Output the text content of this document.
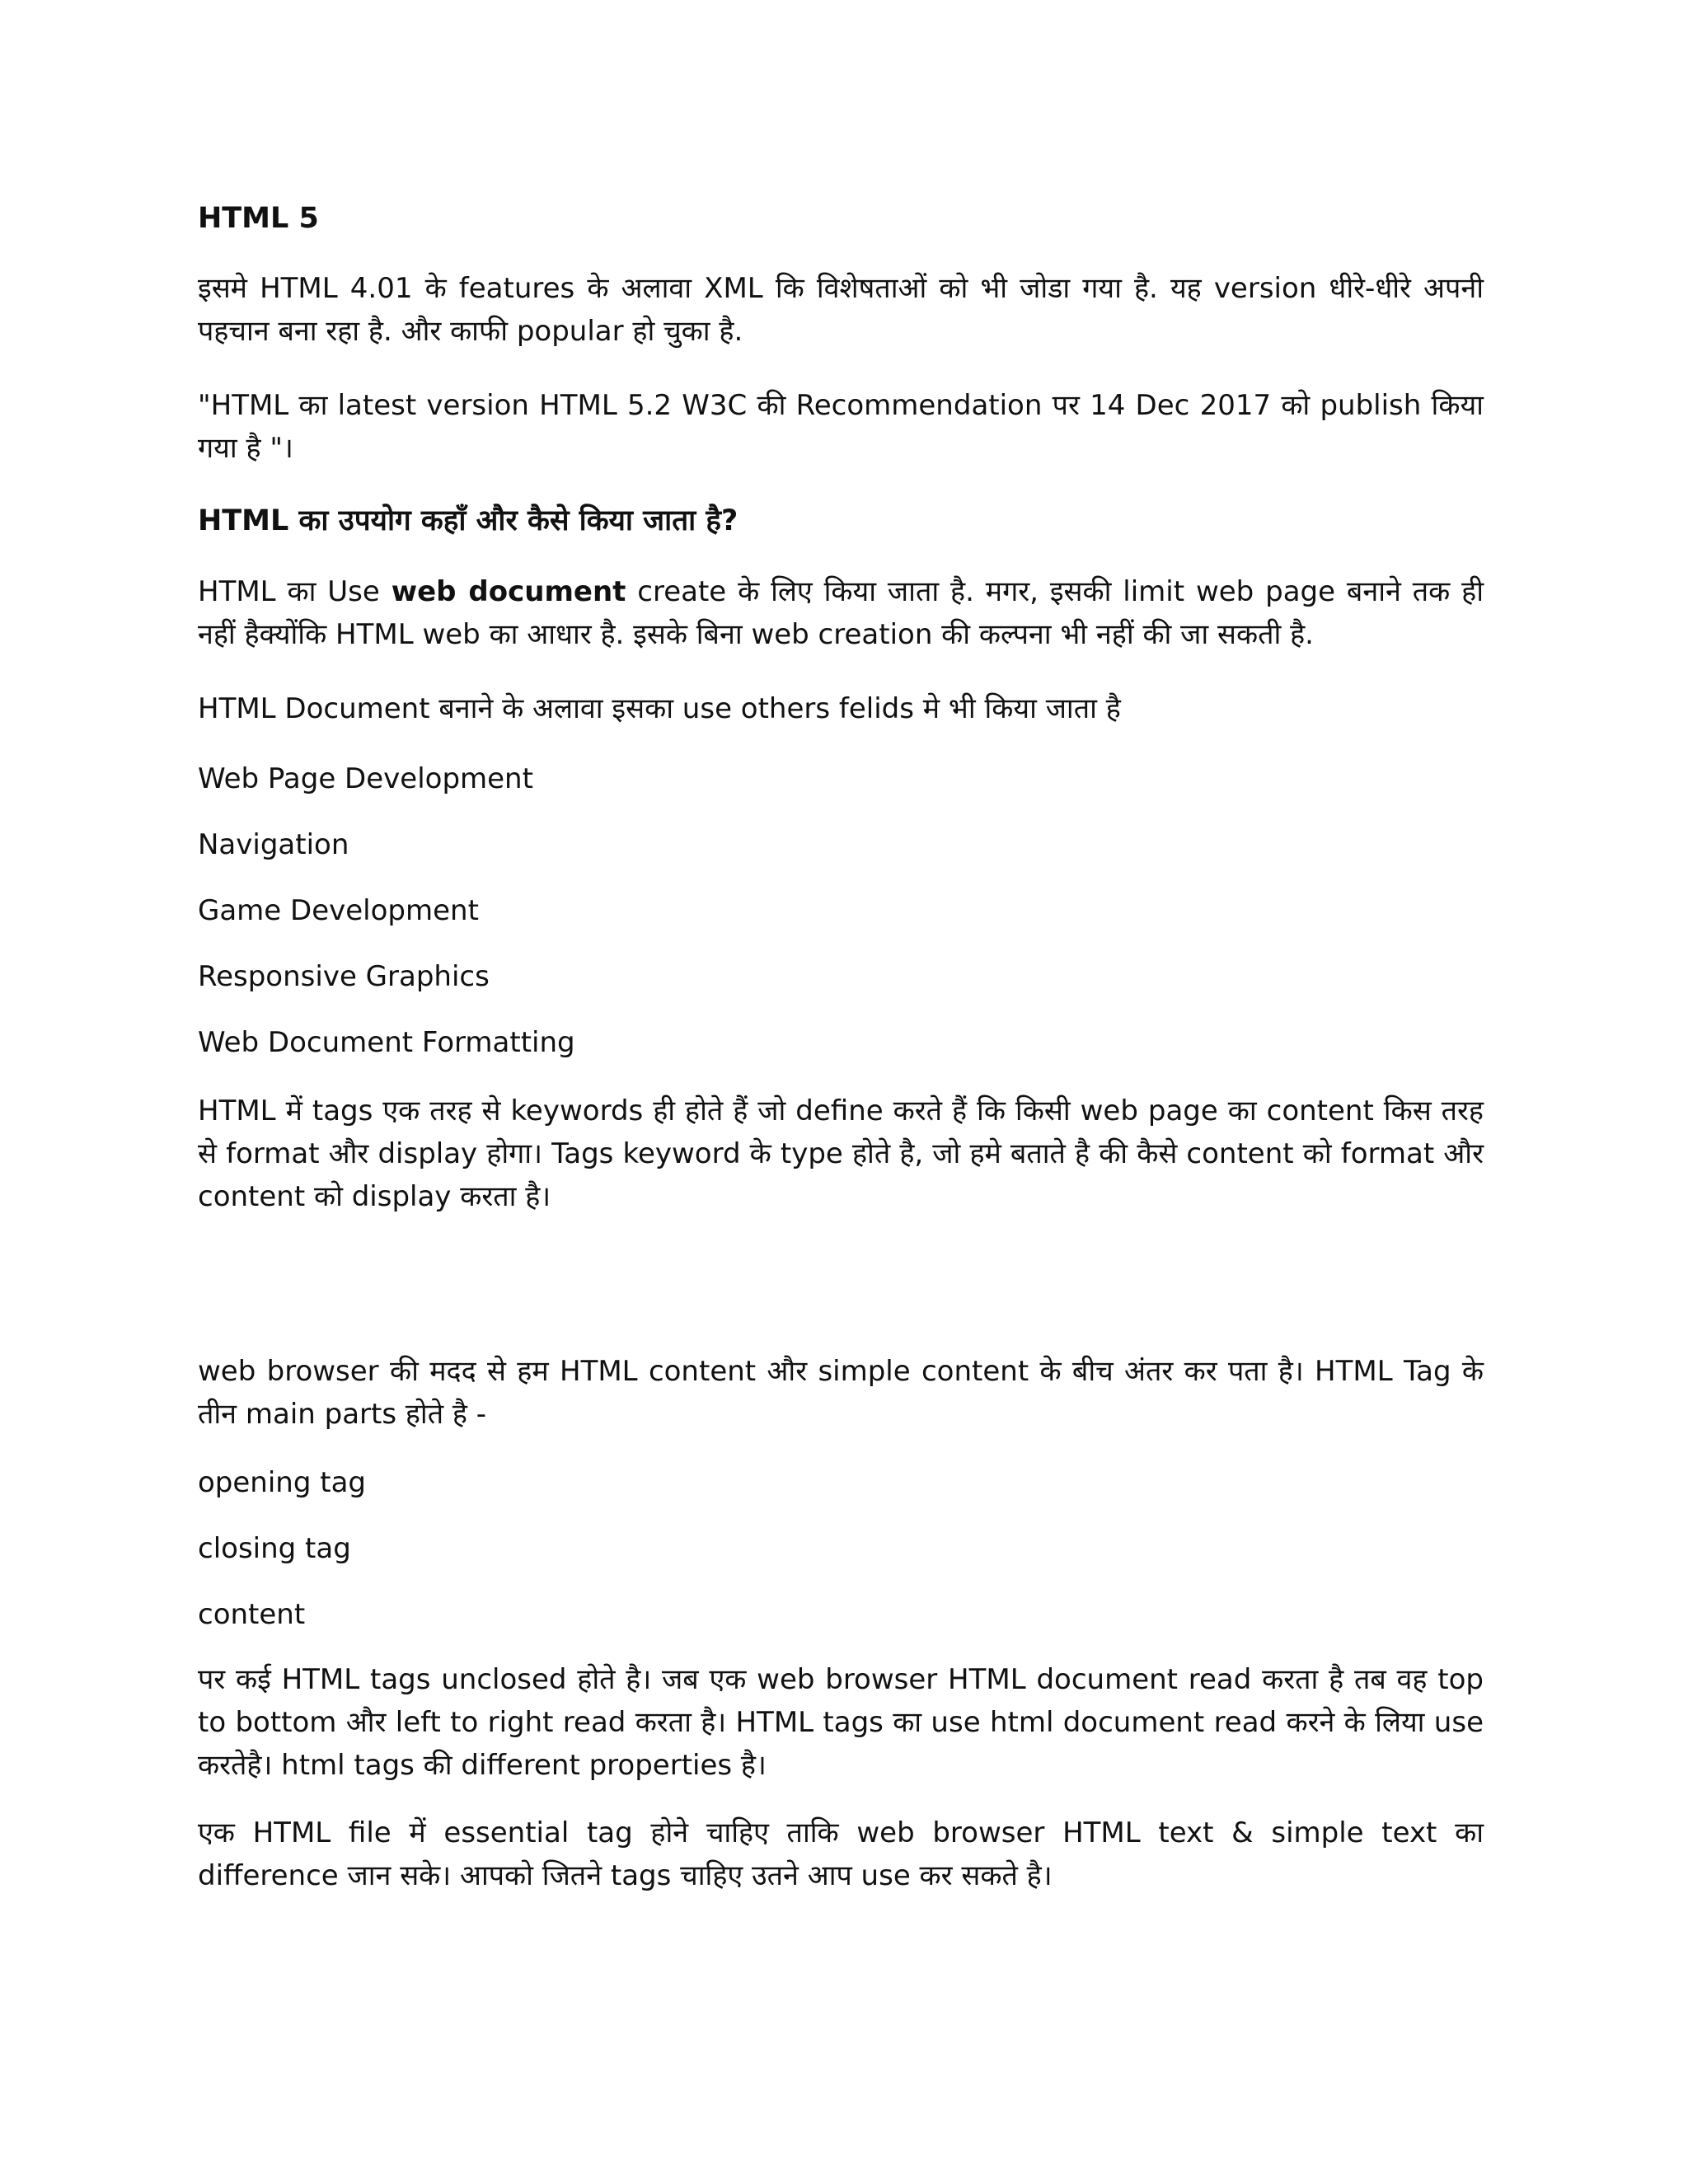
HTML 5

इसमे HTML 4.01 के features के अलावा XML कि विशेषताओं को भी जोडा गया है. यह version धीरे-धीरे अपनी पहचान बना रहा है. और काफी popular हो चुका है.

"HTML का latest version HTML 5.2 W3C की Recommendation पर 14 Dec 2017 को publish किया गया है "।

HTML का उपयोग कहाँ और कैसे किया जाता है?

HTML का Use web document create के लिए किया जाता है. मगर, इसकी limit web page बनाने तक ही नहीं हैक्योंकि HTML web का आधार है. इसके बिना web creation की कल्पना भी नहीं की जा सकती है.

HTML Document बनाने के अलावा इसका use others felids मे भी किया जाता है

Web Page Development

Navigation

Game Development

Responsive Graphics

Web Document Formatting

HTML में tags एक तरह से keywords ही होते हैं जो define करते हैं कि किसी web page का content किस तरह से format और display होगा। Tags keyword के type होते है, जो हमे बताते है की कैसे content को format और content को display करता है।

web browser की मदद से हम HTML content और simple content के बीच अंतर कर पता है। HTML Tag के तीन main parts होते है -

opening tag

closing tag

content

पर कई HTML tags unclosed होते है। जब एक web browser HTML document read करता है तब वह top to bottom और left to right read करता है। HTML tags का use html document read करने के लिया use करतेहै। html tags की different properties है।

एक HTML file में essential tag होने चाहिए ताकि web browser HTML text & simple text का difference जान सके। आपको जितने tags चाहिए उतने आप use कर सकते है।
